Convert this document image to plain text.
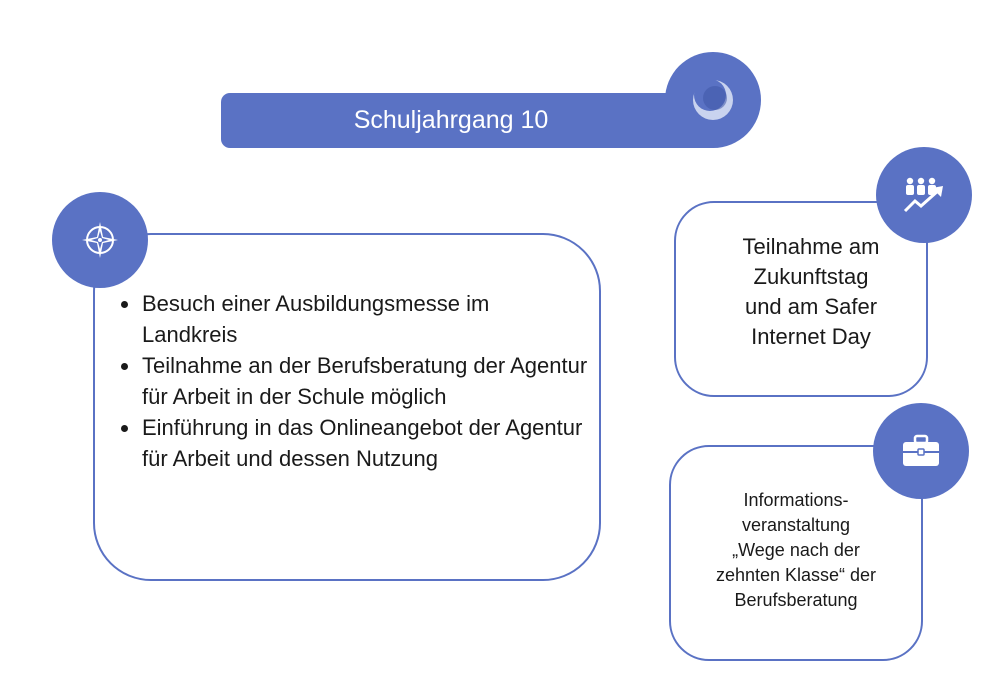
Schuljahrgang 10
Besuch einer Ausbildungsmesse im Landkreis
Teilnahme an der Berufsberatung der Agentur für Arbeit in der Schule möglich
Einführung in das Onlineangebot der Agentur für Arbeit und dessen Nutzung
Teilnahme am
Zukunftstag
und am Safer
Internet Day
Informations-
veranstaltung
„Wege nach der
zehnten Klasse“ der
Berufsberatung
